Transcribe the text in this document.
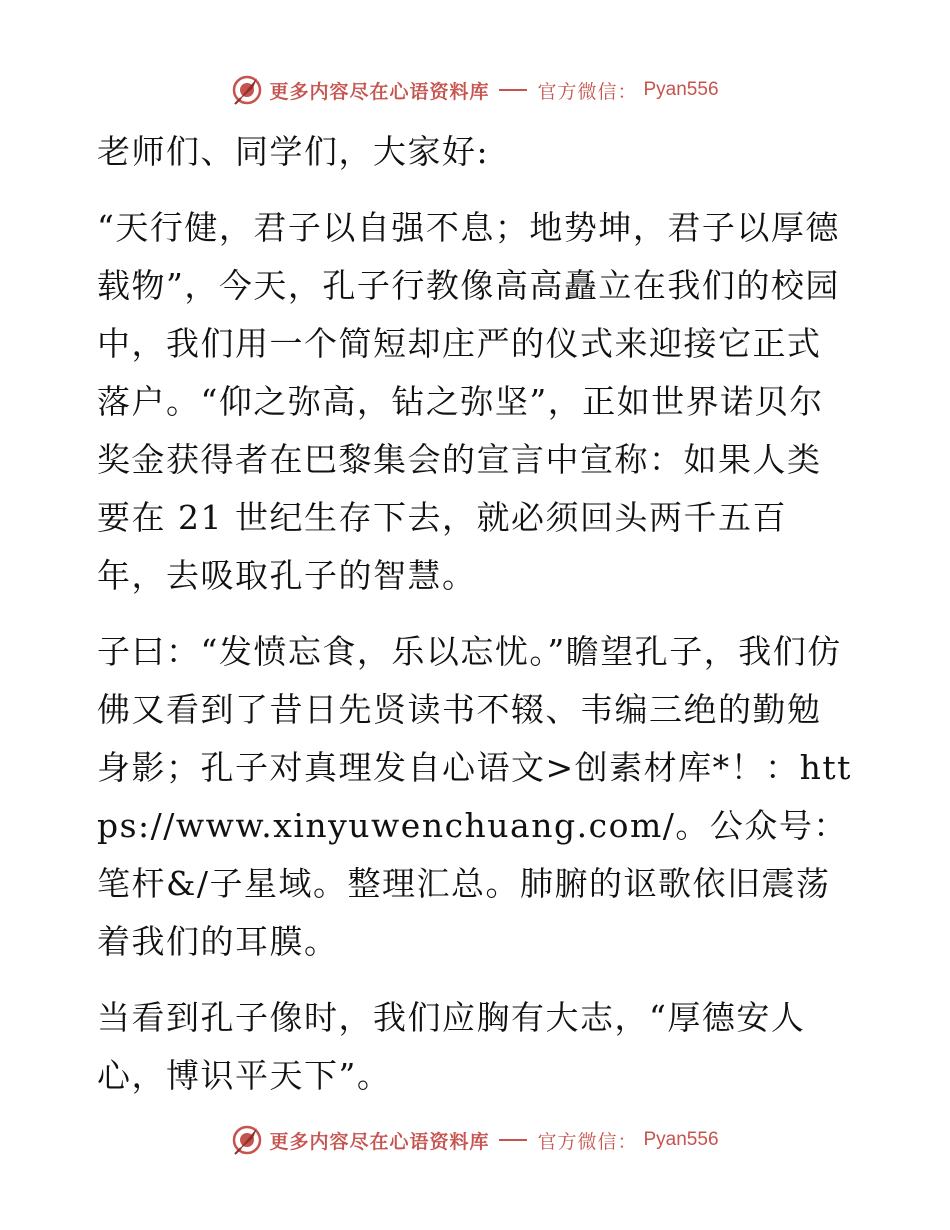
更多内容尽在心语资料库	官方微信： Pyan556

老师们、同学们，大家好:

“天行健，君子以自强不息；地势坤，君子以厚德载物”，今天，孔子行教像高高矗立在我们的校园中，我们用一个简短却庄严的仪式来迎接它正式落户。“仰之弥高，钻之弥坚”，正如世界诺贝尔奖金获得者在巴黎集会的宣言中宣称：如果人类要在 21 世纪生存下去，就必须回头两千五百年，去吸取孔子的智慧。

子曰：“发愤忘食，乐以忘忧。”瞻望孔子，我们仿佛又看到了昔日先贤读书不辍、韦编三绝的勤勉身影；孔子对真理发自心语文>创素材库*！：https://www.xinyuwenchuang.com/。公众号：笔杆&/子星域。整理汇总。肺腑的讴歌依旧震荡着我们的耳膜。

当看到孔子像时，我们应胸有大志，“厚德安人心，博识平天下”。

更多内容尽在心语资料库	官方微信： Pyan556
